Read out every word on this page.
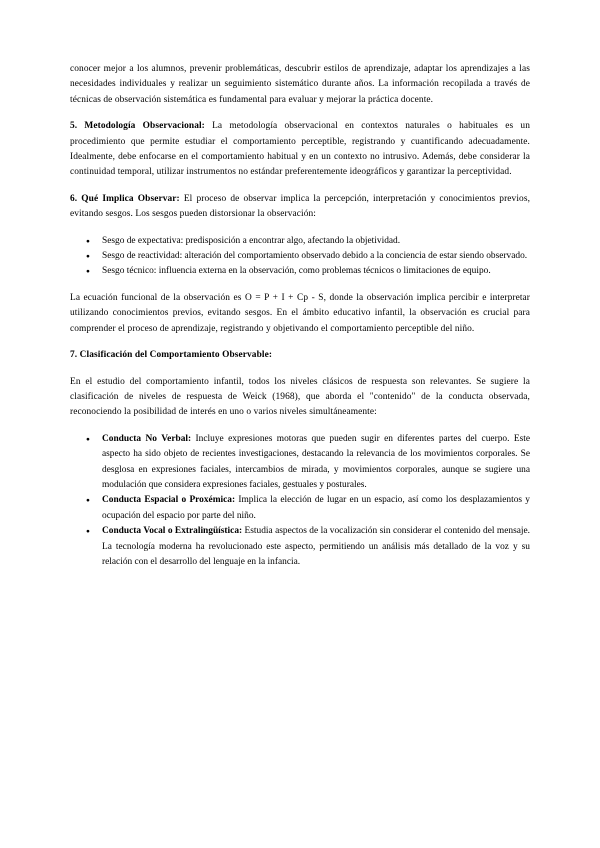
conocer mejor a los alumnos, prevenir problemáticas, descubrir estilos de aprendizaje, adaptar los aprendizajes a las necesidades individuales y realizar un seguimiento sistemático durante años. La información recopilada a través de técnicas de observación sistemática es fundamental para evaluar y mejorar la práctica docente.

5. Metodología Observacional: La metodología observacional en contextos naturales o habituales es un procedimiento que permite estudiar el comportamiento perceptible, registrando y cuantificando adecuadamente. Idealmente, debe enfocarse en el comportamiento habitual y en un contexto no intrusivo. Además, debe considerar la continuidad temporal, utilizar instrumentos no estándar preferentemente ideográficos y garantizar la perceptividad.

6. Qué Implica Observar: El proceso de observar implica la percepción, interpretación y conocimientos previos, evitando sesgos. Los sesgos pueden distorsionar la observación:

● Sesgo de expectativa: predisposición a encontrar algo, afectando la objetividad.
● Sesgo de reactividad: alteración del comportamiento observado debido a la conciencia de estar siendo observado.
● Sesgo técnico: influencia externa en la observación, como problemas técnicos o limitaciones de equipo.

La ecuación funcional de la observación es O = P + I + Cp - S, donde la observación implica percibir e interpretar utilizando conocimientos previos, evitando sesgos. En el ámbito educativo infantil, la observación es crucial para comprender el proceso de aprendizaje, registrando y objetivando el comportamiento perceptible del niño.

7. Clasificación del Comportamiento Observable:

En el estudio del comportamiento infantil, todos los niveles clásicos de respuesta son relevantes. Se sugiere la clasificación de niveles de respuesta de Weick (1968), que aborda el "contenido" de la conducta observada, reconociendo la posibilidad de interés en uno o varios niveles simultáneamente:

● Conducta No Verbal: Incluye expresiones motoras que pueden sugir en diferentes partes del cuerpo. Este aspecto ha sido objeto de recientes investigaciones, destacando la relevancia de los movimientos corporales. Se desglosa en expresiones faciales, intercambios de mirada, y movimientos corporales, aunque se sugiere una modulación que considera expresiones faciales, gestuales y posturales.
● Conducta Espacial o Proxémica: Implica la elección de lugar en un espacio, así como los desplazamientos y ocupación del espacio por parte del niño.
● Conducta Vocal o Extralingüística: Estudia aspectos de la vocalización sin considerar el contenido del mensaje. La tecnología moderna ha revolucionado este aspecto, permitiendo un análisis más detallado de la voz y su relación con el desarrollo del lenguaje en la infancia.
